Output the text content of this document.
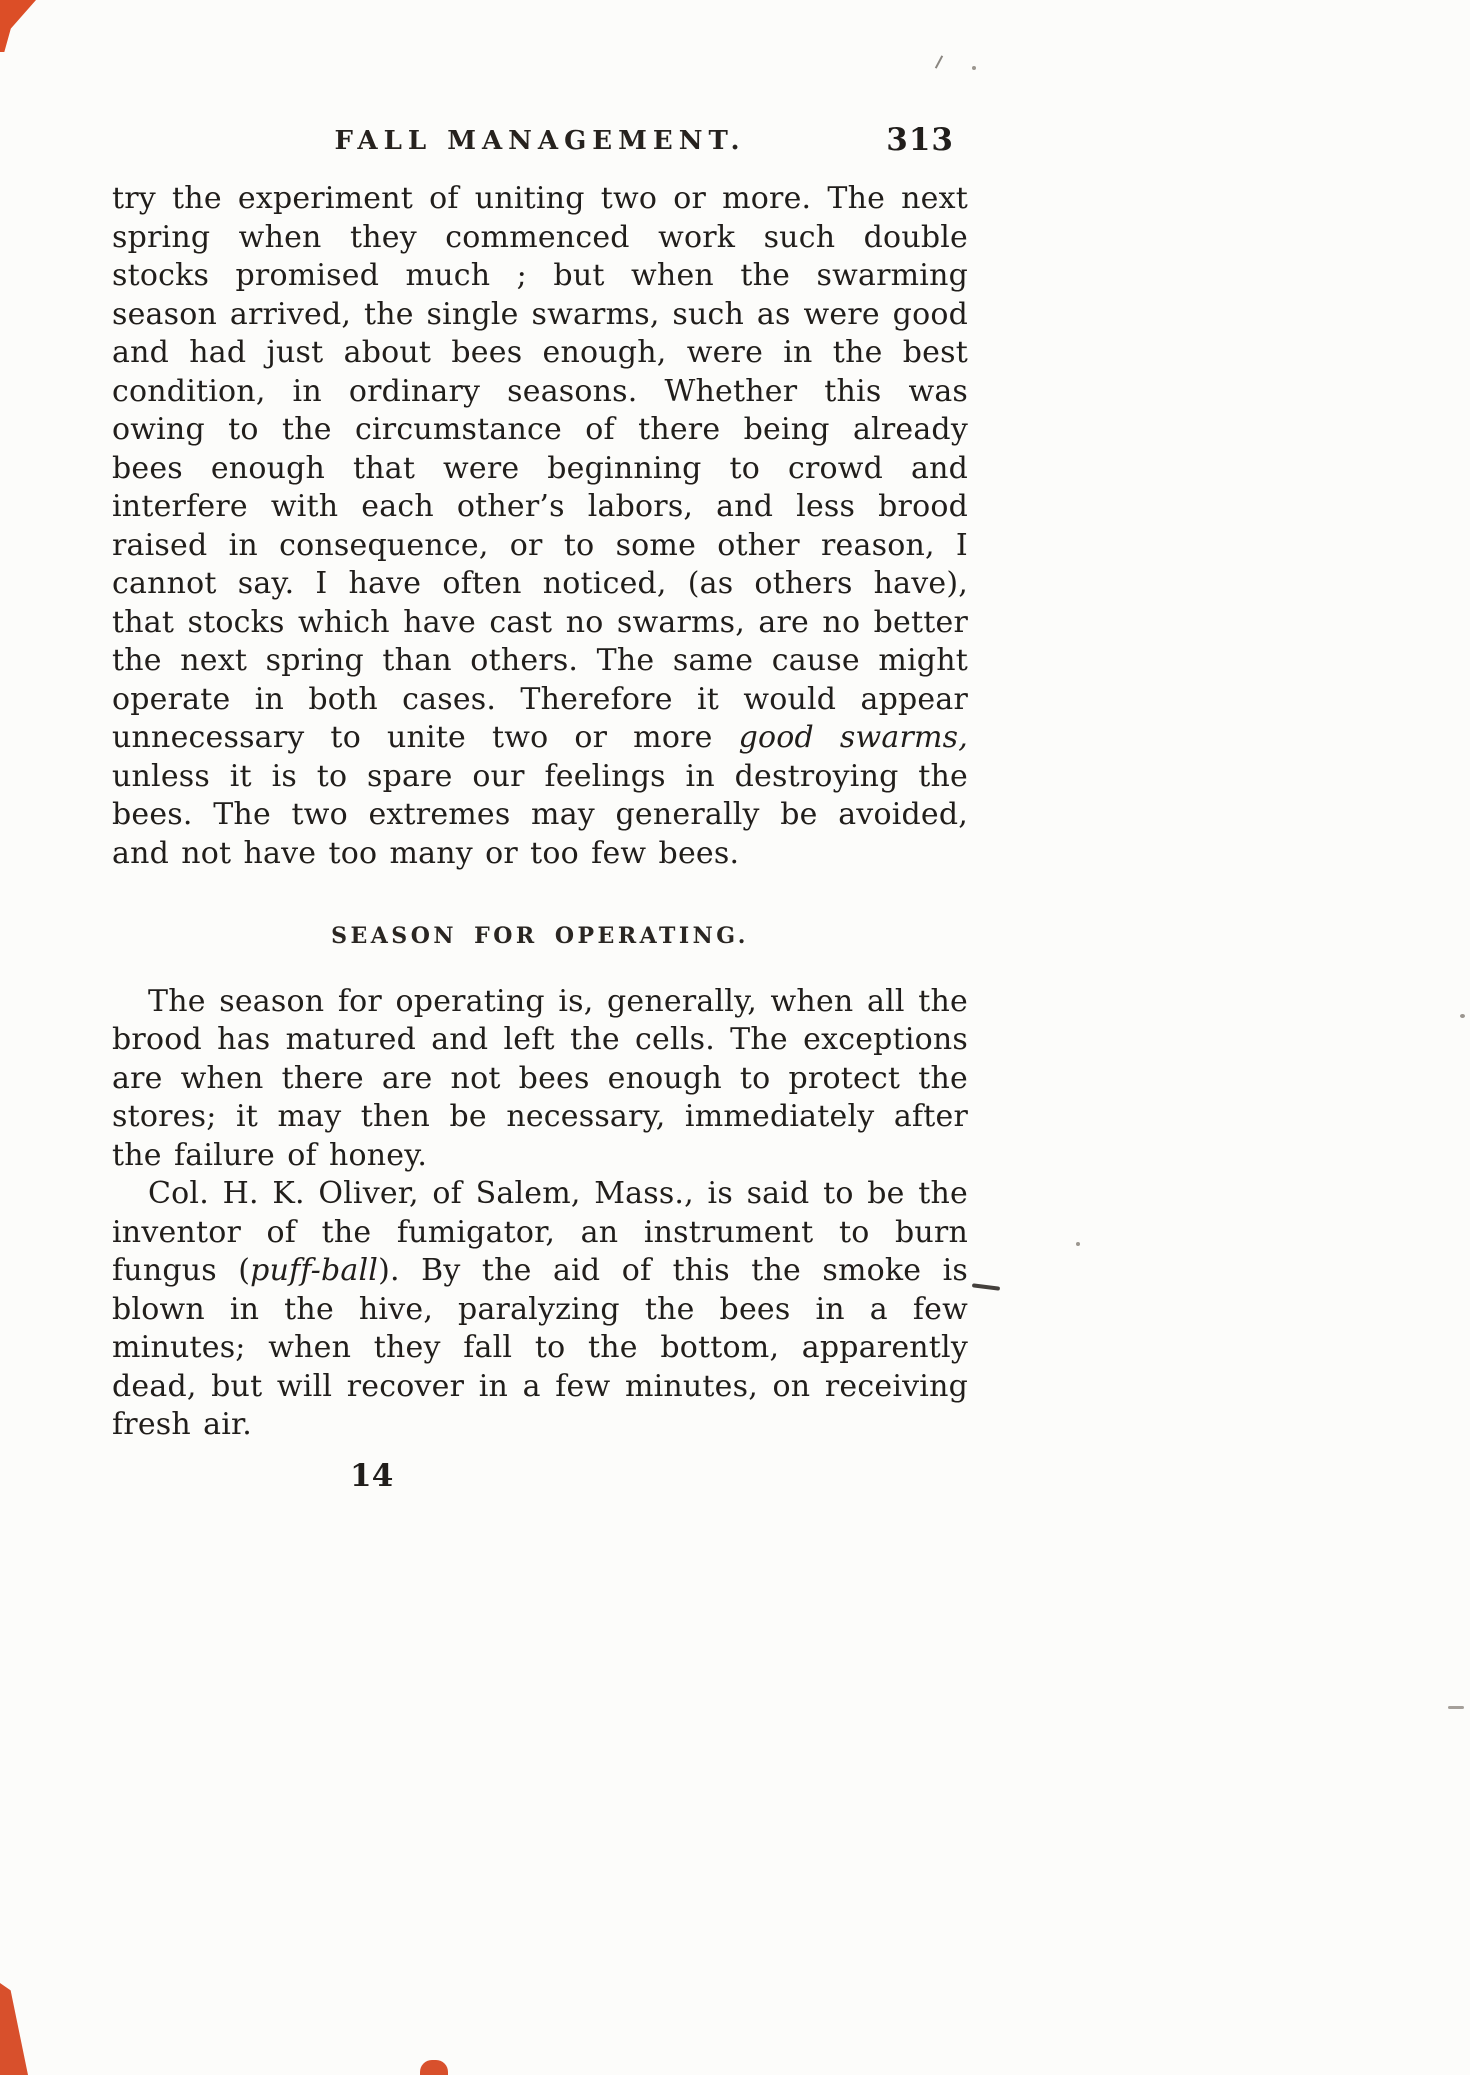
FALL MANAGEMENT.	313

try the experiment of uniting two or more. The next spring when they commenced work such double stocks promised much ; but when the swarming season arrived, the single swarms, such as were good and had just about bees enough, were in the best condition, in ordinary seasons. Whether this was owing to the circumstance of there being already bees enough that were beginning to crowd and interfere with each other’s labors, and less brood raised in consequence, or to some other reason, I cannot say. I have often noticed, (as others have), that stocks which have cast no swarms, are no better the next spring than others. The same cause might operate in both cases. Therefore it would appear unnecessary to unite two or more good swarms, unless it is to spare our feelings in destroying the bees. The two extremes may generally be avoided, and not have too many or too few bees.

SEASON FOR OPERATING.

The season for operating is, generally, when all the brood has matured and left the cells. The exceptions are when there are not bees enough to protect the stores; it may then be necessary, immediately after the failure of honey.

Col. H. K. Oliver, of Salem, Mass., is said to be the inventor of the fumigator, an instrument to burn fungus (puff-ball). By the aid of this the smoke is blown in the hive, paralyzing the bees in a few minutes; when they fall to the bottom, apparently dead, but will recover in a few minutes, on receiving fresh air.

14
